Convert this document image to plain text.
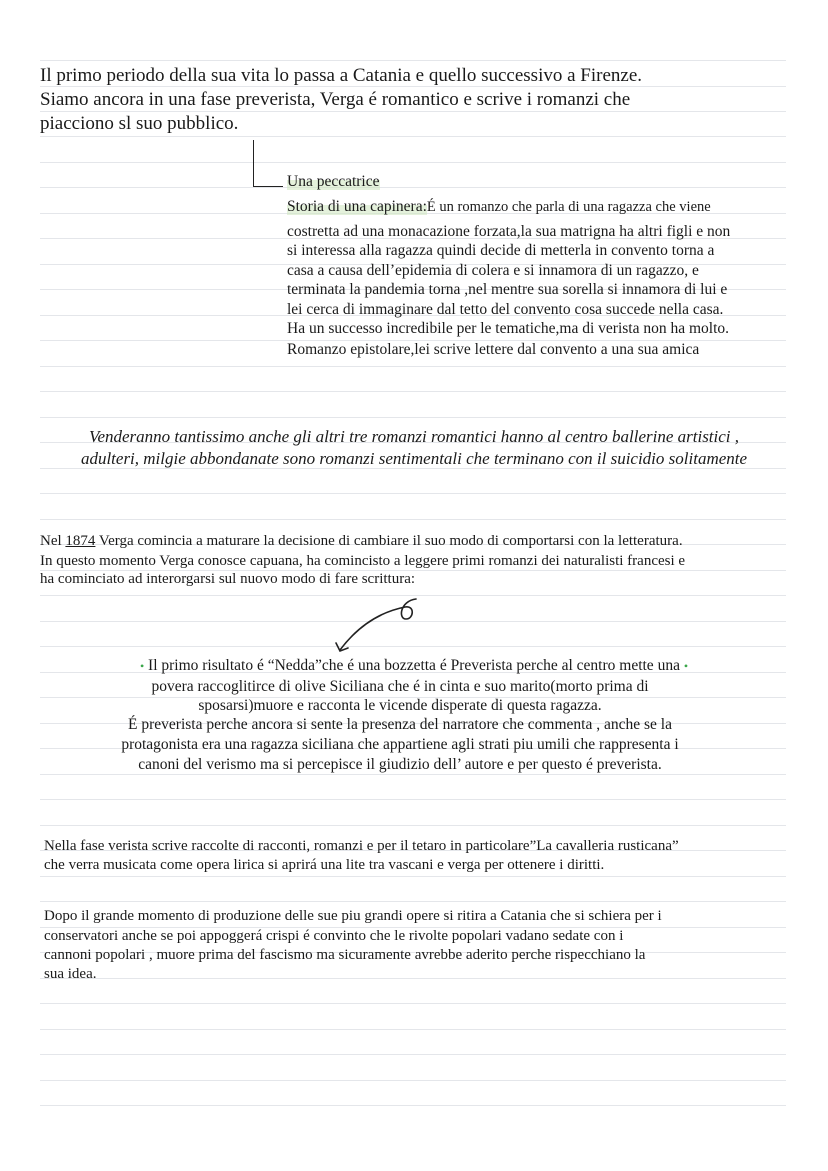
Il primo periodo della sua vita lo passa a Catania e quello successivo a Firenze.
Siamo ancora in una fase preverista, Verga é romantico e scrive i romanzi che
piacciono sl suo pubblico.
Una peccatrice
Storia di una capinera:É un romanzo che parla di una ragazza che viene
costretta ad una monacazione forzata,la sua matrigna ha altri figli e non
si interessa alla ragazza quindi decide di metterla in convento torna a
casa a causa dell’epidemia di colera e si innamora di un ragazzo, e
terminata la pandemia torna ,nel mentre sua sorella si innamora di lui e
lei cerca di immaginare dal tetto del convento cosa succede nella casa.
Ha un successo incredibile per le tematiche,ma di verista non ha molto.
Romanzo epistolare,lei scrive lettere dal convento a una sua amica
Venderanno tantissimo anche gli altri tre romanzi romantici hanno al centro ballerine artistici ,
adulteri, milgie abbondanate sono romanzi sentimentali che terminano con il suicidio solitamente
Nel 1874 Verga comincia a maturare la decisione di cambiare il suo modo di comportarsi con la letteratura.
In questo momento Verga conosce capuana, ha comincisto a leggere primi romanzi dei naturalisti francesi e
ha cominciato ad interorgarsi sul nuovo modo di fare scrittura:
• Il primo risultato é “Nedda”che é una bozzetta é Preverista perche al centro mette una •
povera raccoglitirce di olive Siciliana che é in cinta e suo marito(morto prima di
sposarsi)muore e racconta le vicende disperate di questa ragazza.
É preverista perche ancora si sente la presenza del narratore che commenta , anche se la
protagonista era una ragazza siciliana che appartiene agli strati piu umili che rappresenta i
canoni del verismo ma si percepisce il giudizio dell’ autore e per questo é preverista.
Nella fase verista scrive raccolte di racconti, romanzi e per il tetaro in particolare”La cavalleria rusticana”
che verra musicata come opera lirica si aprirá una lite tra vascani e verga per ottenere i diritti.
Dopo il grande momento di produzione delle sue piu grandi opere si ritira a Catania che si schiera per i
conservatori anche se poi appoggerá crispi é convinto che le rivolte popolari vadano sedate con i
cannoni popolari , muore prima del fascismo ma sicuramente avrebbe aderito perche rispecchiano la
sua idea.
